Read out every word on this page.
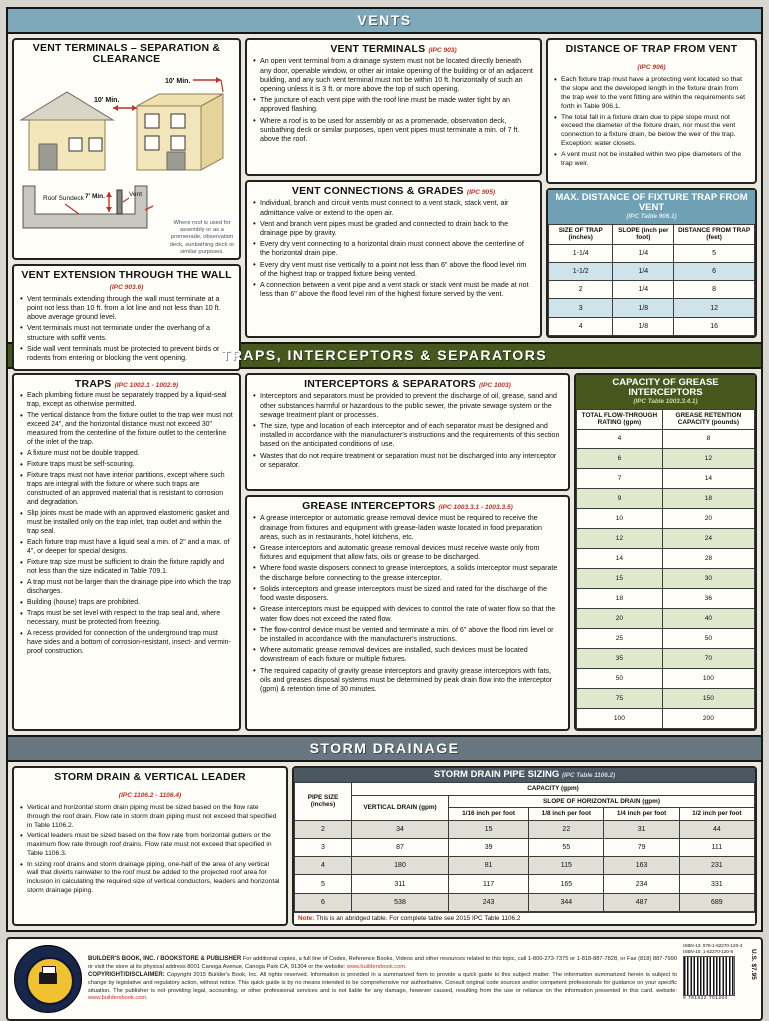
VENTS
VENT TERMINALS – SEPARATION & CLEARANCE
10' Min.
10' Min.
7' Min.
Roof Sundeck
Vent
Where roof is used for assembly or as a promenade, observation deck, sunbathing deck or similar purposes.
VENT EXTENSION THROUGH THE WALL (IPC 903.6)
• Vent terminals extending through the wall must terminate at a point not less than 10 ft. from a lot line and not less than 10 ft. above average ground level.
• Vent terminals must not terminate under the overhang of a structure with soffit vents.
• Side wall vent terminals must be protected to prevent birds or rodents from entering or blocking the vent opening.
VENT TERMINALS (IPC 903)
• An open vent terminal from a drainage system must not be located directly beneath any door, openable window, or other air intake opening of the building or of an adjacent building, and any such vent terminal must not be within 10 ft. horizontally of such an opening unless it is 3 ft. or more above the top of such opening.
• The juncture of each vent pipe with the roof line must be made water tight by an approved flashing.
• Where a roof is to be used for assembly or as a promenade, observation deck, sunbathing deck or similar purposes, open vent pipes must terminate a min. of 7 ft. above the roof.
VENT CONNECTIONS & GRADES (IPC 905)
• Individual, branch and circuit vents must connect to a vent stack, stack vent, air admittance valve or extend to the open air.
• Vent and branch vent pipes must be graded and connected to drain back to the drainage pipe by gravity.
• Every dry vent connecting to a horizontal drain must connect above the centerline of the horizontal drain pipe.
• Every dry vent must rise vertically to a point not less than 6" above the flood level rim of the highest trap or trapped fixture being vented.
• A connection between a vent pipe and a vent stack or stack vent must be made at not less than 6" above the flood level rim of the highest fixture served by the vent.
DISTANCE OF TRAP FROM VENT
(IPC 906)
• Each fixture trap must have a protecting vent located so that the slope and the developed length in the fixture drain from the trap weir to the vent fitting are within the requirements set forth in Table 906.1.
• The total fall in a fixture drain due to pipe slope must not exceed the diameter of the fixture drain, nor must the vent connection to a fixture drain, be below the weir of the trap. Exception: water closets.
• A vent must not be installed within two pipe diameters of the trap weir.
MAX. DISTANCE OF FIXTURE TRAP FROM VENT
(IPC Table 906.1)
SIZE OF TRAP (inches)	SLOPE (inch per foot)	DISTANCE FROM TRAP (feet)
1-1/4	1/4	5
1-1/2	1/4	6
2	1/4	8
3	1/8	12
4	1/8	16
TRAPS, INTERCEPTORS & SEPARATORS
TRAPS (IPC 1002.1 - 1002.9)
• Each plumbing fixture must be separately trapped by a liquid-seal trap, except as otherwise permitted.
• The vertical distance from the fixture outlet to the trap weir must not exceed 24", and the horizontal distance must not exceed 30" measured from the centerline of the fixture outlet to the centerline of the inlet of the trap.
• A fixture must not be double trapped.
• Fixture traps must be self-scouring.
• Fixture traps must not have interior partitions, except where such traps are integral with the fixture or where such traps are constructed of an approved material that is resistant to corrosion and degradation.
• Slip joints must be made with an approved elastomeric gasket and must be installed only on the trap inlet, trap outlet and within the trap seal.
• Each fixture trap must have a liquid seal a min. of 2" and a max. of 4", or deeper for special designs.
• Fixture trap size must be sufficient to drain the fixture rapidly and not less than the size indicated in Table 709.1.
• A trap must not be larger than the drainage pipe into which the trap discharges.
• Building (house) traps are prohibited.
• Traps must be set level with respect to the trap seal and, where necessary, must be protected from freezing.
• A recess provided for connection of the underground trap must have sides and a bottom of corrosion-resistant, insect- and vermin-proof construction.
INTERCEPTORS & SEPARATORS (IPC 1003)
• Interceptors and separators must be provided to prevent the discharge of oil, grease, sand and other substances harmful or hazardous to the public sewer, the private sewage system or the sewage treatment plant or processes.
• The size, type and location of each interceptor and of each separator must be designed and installed in accordance with the manufacturer's instructions and the requirements of this section based on the anticipated conditions of use.
• Wastes that do not require treatment or separation must not be discharged into any interceptor or separator.
GREASE INTERCEPTORS (IPC 1003.3.1 - 1003.3.5)
• A grease interceptor or automatic grease removal device must be required to receive the drainage from fixtures and equipment with grease-laden waste located in food preparation areas, such as in restaurants, hotel kitchens, etc.
• Grease interceptors and automatic grease removal devices must receive waste only from fixtures and equipment that allow fats, oils or grease to be discharged.
• Where food waste disposers connect to grease interceptors, a solids interceptor must separate the discharge before connecting to the grease interceptor.
• Solids interceptors and grease interceptors must be sized and rated for the discharge of the food waste disposers.
• Grease interceptors must be equipped with devices to control the rate of water flow so that the water flow does not exceed the rated flow.
• The flow-control device must be vented and terminate a min. of 6" above the flood rim level or be installed in accordance with the manufacturer's instructions.
• Where automatic grease removal devices are installed, such devices must be located downstream of each fixture or multiple fixtures.
• The required capacity of gravity grease interceptors and gravity grease interceptors with fats, oils and greases disposal systems must be determined by peak drain flow into the interceptor (gpm) & retention time of 30 minutes.
CAPACITY OF GREASE INTERCEPTORS
(IPC Table 1003.3.4.1)
TOTAL FLOW-THROUGH RATING (gpm)	GREASE RETENTION CAPACITY (pounds)
4	8
6	12
7	14
9	18
10	20
12	24
14	28
15	30
18	36
20	40
25	50
35	70
50	100
75	150
100	200
STORM DRAINAGE
STORM DRAIN & VERTICAL LEADER
(IPC 1106.2 - 1106.4)
• Vertical and horizontal storm drain piping must be sized based on the flow rate through the roof drain. Flow rate in storm drain piping must not exceed that specified in Table 1106.2.
• Vertical leaders must be sized based on the flow rate from horizontal gutters or the maximum flow rate through roof drains. Flow rate must not exceed that specified in Table 1106.3.
• In sizing roof drains and storm drainage piping, one-half of the area of any vertical wall that diverts rainwater to the roof must be added to the projected roof area for inclusion in calculating the required size of vertical conductors, leaders and horizontal storm drainage piping.
STORM DRAIN PIPE SIZING (IPC Table 1106.2)
PIPE SIZE (inches)	CAPACITY (gpm)				
	VERTICAL DRAIN (gpm)	SLOPE OF HORIZONTAL DRAIN (gpm)			
		1/16 inch per foot	1/8 inch per foot	1/4 inch per foot	1/2 inch per foot
2	34	15	22	31	44
3	87	39	55	79	111
4	180	81	115	163	231
5	311	117	165	234	331
6	538	243	344	487	689
Note: This is an abridged table. For complete table see 2015 IPC Table 1106.2
BUILDER'S BOOK, INC. / BOOKSTORE & PUBLISHER For additional copies, a full line of Codes, Reference Books, Videos and other resources related to this topic, call 1-800-273-7375 or 1-818-887-7828, or Fax (818) 887-7990 or visit the store at its physical address 8001 Canoga Avenue, Canoga Park CA, 91304 or the website: www.buildersbook.com.
COPYRIGHT/DISCLAIMER: Copyright 2015 Builder's Book, Inc. All rights reserved. Information is provided in a summarized form to provide a quick guide to this subject matter. The information summarized herein is subject to change by legislative and regulatory action, without notice. This quick guide is by no means intended to be comprehensive nor authoritative. Consult original code sources and/or competent professionals for guidance on your specific situation. The publisher is not providing legal, accounting, or other professional services and is not liable for any damage, however caused, resulting from the use or reliance on the information presented in this card. website: www.buildersbook.com.
ISBN-13: 978-1-62270-120-4
ISBN-10: 1-62270-120-8
9 781622 701204
U.S. $7.95
